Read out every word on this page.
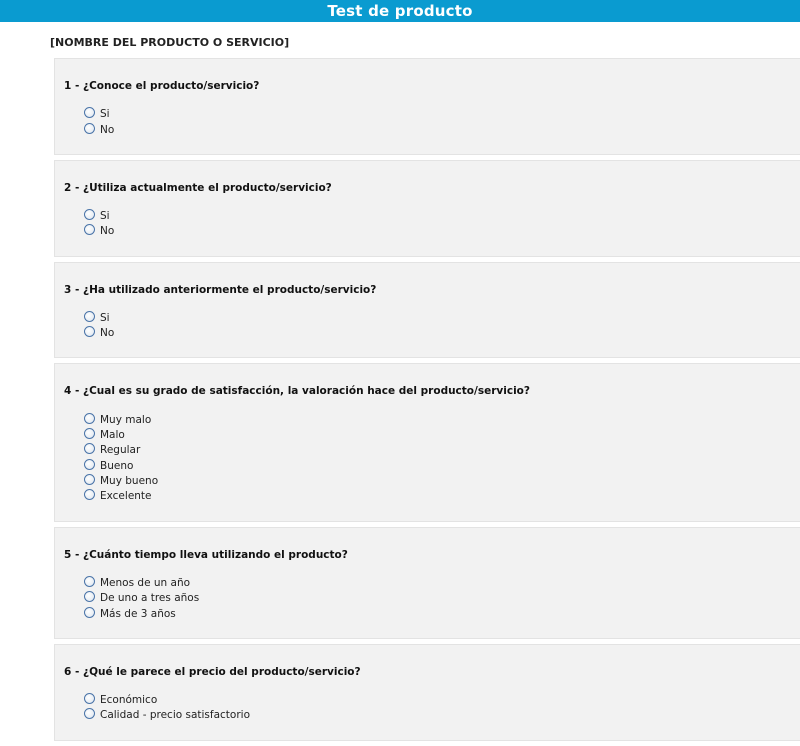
Test de producto
[NOMBRE DEL PRODUCTO O SERVICIO]
1 - ¿Conoce el producto/servicio?
Si
No
2 - ¿Utiliza actualmente el producto/servicio?
Si
No
3 - ¿Ha utilizado anteriormente el producto/servicio?
Si
No
4 - ¿Cual es su grado de satisfacción, la valoración hace del producto/servicio?
Muy malo
Malo
Regular
Bueno
Muy bueno
Excelente
5 - ¿Cuánto tiempo lleva utilizando el producto?
Menos de un año
De uno a tres años
Más de 3 años
6 - ¿Qué le parece el precio del producto/servicio?
Económico
Calidad - precio satisfactorio
